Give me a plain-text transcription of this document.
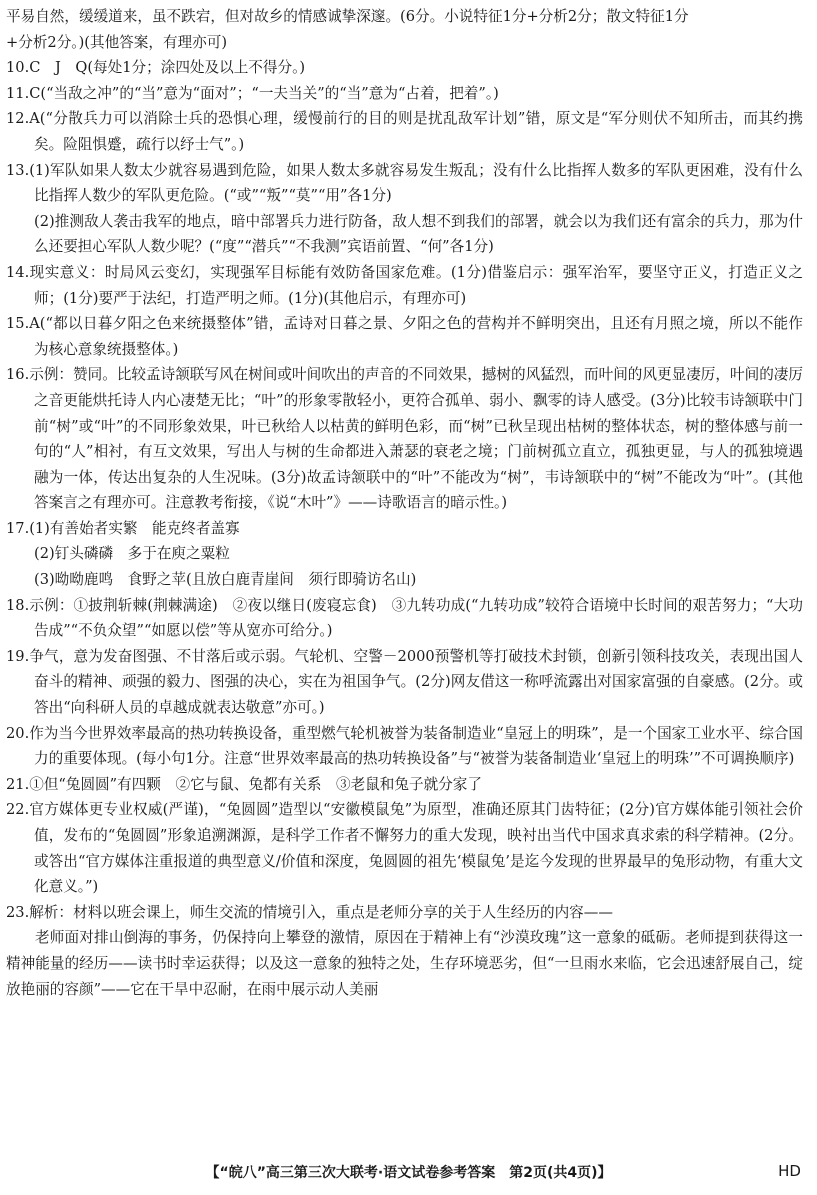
平易自然，缓缓道来，虽不跌宕，但对故乡的情感诚挚深邃。(6分。小说特征1分+分析2分；散文特征1分

+分析2分。)(其他答案，有理亦可)

10.C　J　Q(每处1分；涂四处及以上不得分。)

11.C(“当敌之冲”的“当”意为“面对”；“一夫当关”的“当”意为“占着，把着”。)

12.A(“分散兵力可以消除士兵的恐惧心理，缓慢前行的目的则是扰乱敌军计划”错，原文是“军分则伏不知所击，而其约携矣。险阻惧蹙，疏行以纾士气”。)

13.(1)军队如果人数太少就容易遇到危险，如果人数太多就容易发生叛乱；没有什么比指挥人数多的军队更困难，没有什么比指挥人数少的军队更危险。(“或”“叛”“莫”“用”各1分)

(2)推测敌人袭击我军的地点，暗中部署兵力进行防备，敌人想不到我们的部署，就会以为我们还有富余的兵力，那为什么还要担心军队人数少呢？(“度”“潜兵”“不我测”宾语前置、“何”各1分)

14.现实意义：时局风云变幻，实现强军目标能有效防备国家危难。(1分)借鉴启示：强军治军，要坚守正义，打造正义之师；(1分)要严于法纪，打造严明之师。(1分)(其他启示，有理亦可)

15.A(“都以日暮夕阳之色来统摄整体”错，孟诗对日暮之景、夕阳之色的营构并不鲜明突出，且还有月照之境，所以不能作为核心意象统摄整体。)

16.示例：赞同。比较孟诗颔联写风在树间或叶间吹出的声音的不同效果，撼树的风猛烈，而叶间的风更显凄厉，叶间的凄厉之音更能烘托诗人内心凄楚无比；“叶”的形象零散轻小，更符合孤单、弱小、飘零的诗人感受。(3分)比较韦诗颔联中门前“树”或“叶”的不同形象效果，叶已秋给人以枯黄的鲜明色彩，而“树”已秋呈现出枯树的整体状态，树的整体感与前一句的“人”相衬，有互文效果，写出人与树的生命都进入萧瑟的衰老之境；门前树孤立直立，孤独更显，与人的孤独境遇融为一体，传达出复杂的人生况味。(3分)故孟诗颔联中的“叶”不能改为“树”，韦诗颔联中的“树”不能改为“叶”。(其他答案言之有理亦可。注意教考衔接，《说“木叶”》——诗歌语言的暗示性。)

17.(1)有善始者实繁　能克终者盖寡

(2)钉头磷磷　多于在庾之粟粒

(3)呦呦鹿鸣　食野之苹(且放白鹿青崖间　须行即骑访名山)

18.示例：①披荆斩棘(荆棘满途)　②夜以继日(废寝忘食)　③九转功成(“九转功成”较符合语境中长时间的艰苦努力；“大功告成”“不负众望”“如愿以偿”等从宽亦可给分。)

19.争气，意为发奋图强、不甘落后或示弱。气轮机、空警－2000预警机等打破技术封锁，创新引领科技攻关，表现出国人奋斗的精神、顽强的毅力、图强的决心，实在为祖国争气。(2分)网友借这一称呼流露出对国家富强的自豪感。(2分。或答出“向科研人员的卓越成就表达敬意”亦可。)

20.作为当今世界效率最高的热功转换设备，重型燃气轮机被誉为装备制造业“皇冠上的明珠”，是一个国家工业水平、综合国力的重要体现。(每小句1分。注意“世界效率最高的热功转换设备”与“被誉为装备制造业‘皇冠上的明珠’”不可调换顺序)

21.①但“兔圆圆”有四颗　②它与鼠、兔都有关系　③老鼠和兔子就分家了

22.官方媒体更专业权威(严谨)，“兔圆圆”造型以“安徽模鼠兔”为原型，准确还原其门齿特征；(2分)官方媒体能引领社会价值，发布的“兔圆圆”形象追溯渊源，是科学工作者不懈努力的重大发现，映衬出当代中国求真求索的科学精神。(2分。或答出“官方媒体注重报道的典型意义/价值和深度，兔圆圆的祖先‘模鼠兔’是迄今发现的世界最早的兔形动物，有重大文化意义。”)

23.解析：材料以班会课上，师生交流的情境引入，重点是老师分享的关于人生经历的内容——

老师面对排山倒海的事务，仍保持向上攀登的激情，原因在于精神上有“沙漠玫瑰”这一意象的砥砺。老师提到获得这一精神能量的经历——读书时幸运获得；以及这一意象的独特之处，生存环境恶劣，但“一旦雨水来临，它会迅速舒展自己，绽放艳丽的容颜”——它在干旱中忍耐，在雨中展示动人美丽

【“皖八”高三第三次大联考·语文试卷参考答案　第2页(共4页)】	HD
